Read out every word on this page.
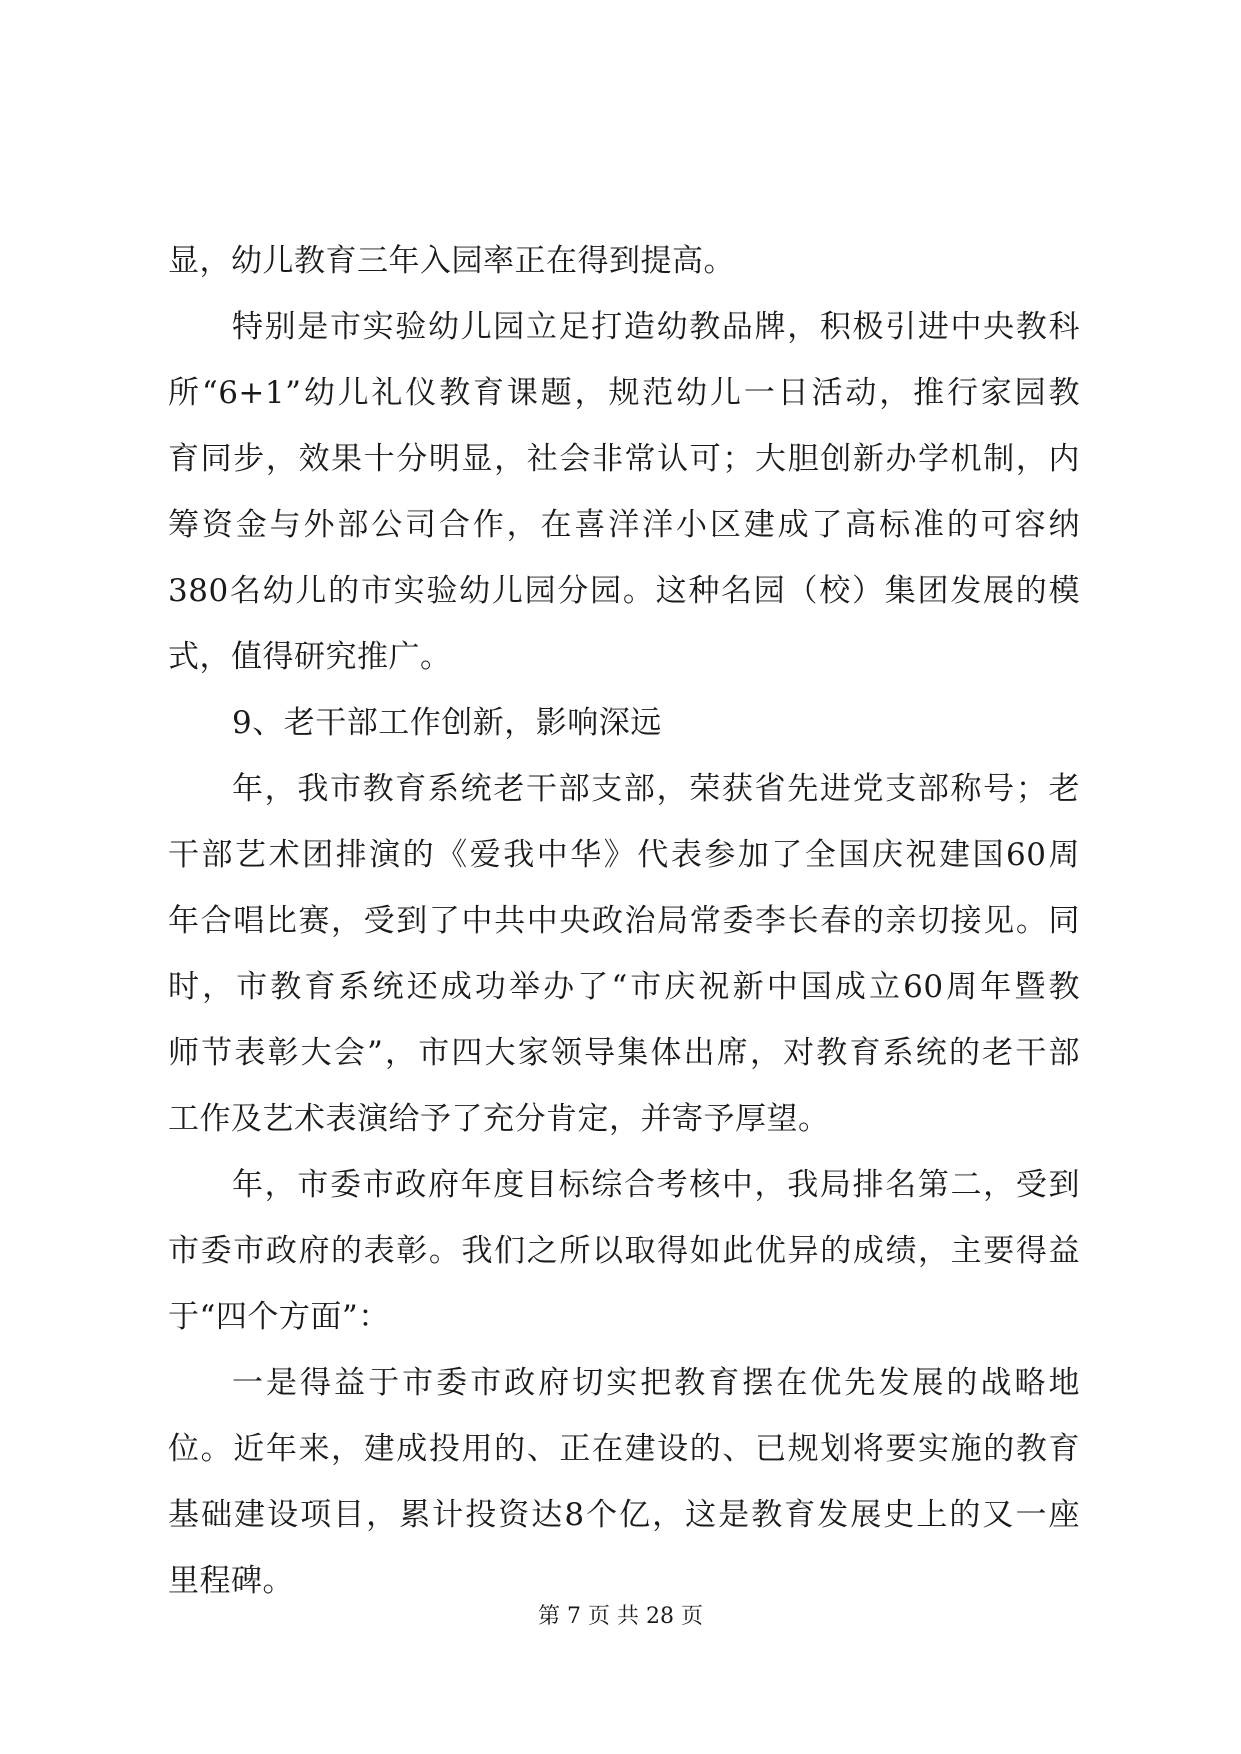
显，幼儿教育三年入园率正在得到提高。
特别是市实验幼儿园立足打造幼教品牌，积极引进中央教科
所“6+1”幼儿礼仪教育课题，规范幼儿一日活动，推行家园教
育同步，效果十分明显，社会非常认可；大胆创新办学机制，内
筹资金与外部公司合作，在喜洋洋小区建成了高标准的可容纳
380名幼儿的市实验幼儿园分园。这种名园（校）集团发展的模
式，值得研究推广。
9、老干部工作创新，影响深远
年，我市教育系统老干部支部，荣获省先进党支部称号；老
干部艺术团排演的《爱我中华》代表参加了全国庆祝建国60周
年合唱比赛，受到了中共中央政治局常委李长春的亲切接见。同
时，市教育系统还成功举办了“市庆祝新中国成立60周年暨教
师节表彰大会”，市四大家领导集体出席，对教育系统的老干部
工作及艺术表演给予了充分肯定，并寄予厚望。
年，市委市政府年度目标综合考核中，我局排名第二，受到
市委市政府的表彰。我们之所以取得如此优异的成绩，主要得益
于“四个方面”：
一是得益于市委市政府切实把教育摆在优先发展的战略地
位。近年来，建成投用的、正在建设的、已规划将要实施的教育
基础建设项目，累计投资达8个亿，这是教育发展史上的又一座
里程碑。
第 7 页 共 28 页
